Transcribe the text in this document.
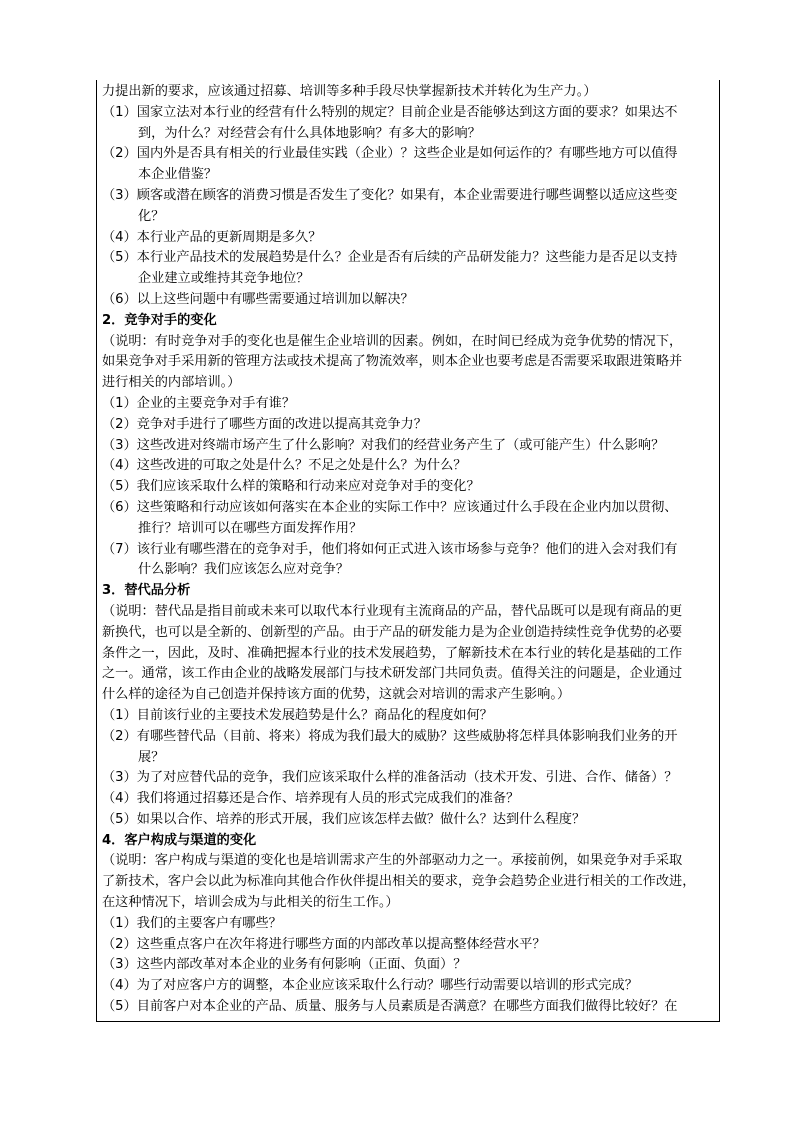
力提出新的要求，应该通过招募、培训等多种手段尽快掌握新技术并转化为生产力。）
（1）国家立法对本行业的经营有什么特别的规定？目前企业是否能够达到这方面的要求？如果达不
到，为什么？对经营会有什么具体地影响？有多大的影响？
（2）国内外是否具有相关的行业最佳实践（企业）？这些企业是如何运作的？有哪些地方可以值得
本企业借鉴？
（3）顾客或潜在顾客的消费习惯是否发生了变化？如果有，本企业需要进行哪些调整以适应这些变
化？
（4）本行业产品的更新周期是多久？
（5）本行业产品技术的发展趋势是什么？企业是否有后续的产品研发能力？这些能力是否足以支持
企业建立或维持其竞争地位？
（6）以上这些问题中有哪些需要通过培训加以解决？
2．竞争对手的变化
（说明：有时竞争对手的变化也是催生企业培训的因素。例如，在时间已经成为竞争优势的情况下，
如果竞争对手采用新的管理方法或技术提高了物流效率，则本企业也要考虑是否需要采取跟进策略并
进行相关的内部培训。）
（1）企业的主要竞争对手有谁？
（2）竞争对手进行了哪些方面的改进以提高其竞争力？
（3）这些改进对终端市场产生了什么影响？对我们的经营业务产生了（或可能产生）什么影响？
（4）这些改进的可取之处是什么？不足之处是什么？为什么？
（5）我们应该采取什么样的策略和行动来应对竞争对手的变化？
（6）这些策略和行动应该如何落实在本企业的实际工作中？应该通过什么手段在企业内加以贯彻、
推行？培训可以在哪些方面发挥作用？
（7）该行业有哪些潜在的竞争对手，他们将如何正式进入该市场参与竞争？他们的进入会对我们有
什么影响？我们应该怎么应对竞争？
3．替代品分析
（说明：替代品是指目前或未来可以取代本行业现有主流商品的产品，替代品既可以是现有商品的更
新换代，也可以是全新的、创新型的产品。由于产品的研发能力是为企业创造持续性竞争优势的必要
条件之一，因此，及时、准确把握本行业的技术发展趋势，了解新技术在本行业的转化是基础的工作
之一。通常，该工作由企业的战略发展部门与技术研发部门共同负责。值得关注的问题是，企业通过
什么样的途径为自己创造并保持该方面的优势，这就会对培训的需求产生影响。）
（1）目前该行业的主要技术发展趋势是什么？商品化的程度如何？
（2）有哪些替代品（目前、将来）将成为我们最大的威胁？这些威胁将怎样具体影响我们业务的开
展？
（3）为了对应替代品的竞争，我们应该采取什么样的准备活动（技术开发、引进、合作、储备）？
（4）我们将通过招募还是合作、培养现有人员的形式完成我们的准备？
（5）如果以合作、培养的形式开展，我们应该怎样去做？做什么？达到什么程度？
4．客户构成与渠道的变化
（说明：客户构成与渠道的变化也是培训需求产生的外部驱动力之一。承接前例，如果竞争对手采取
了新技术，客户会以此为标准向其他合作伙伴提出相关的要求，竞争会趋势企业进行相关的工作改进，
在这种情况下，培训会成为与此相关的衍生工作。）
（1）我们的主要客户有哪些？
（2）这些重点客户在次年将进行哪些方面的内部改革以提高整体经营水平？
（3）这些内部改革对本企业的业务有何影响（正面、负面）？
（4）为了对应客户方的调整，本企业应该采取什么行动？哪些行动需要以培训的形式完成？
（5）目前客户对本企业的产品、质量、服务与人员素质是否满意？在哪些方面我们做得比较好？在
